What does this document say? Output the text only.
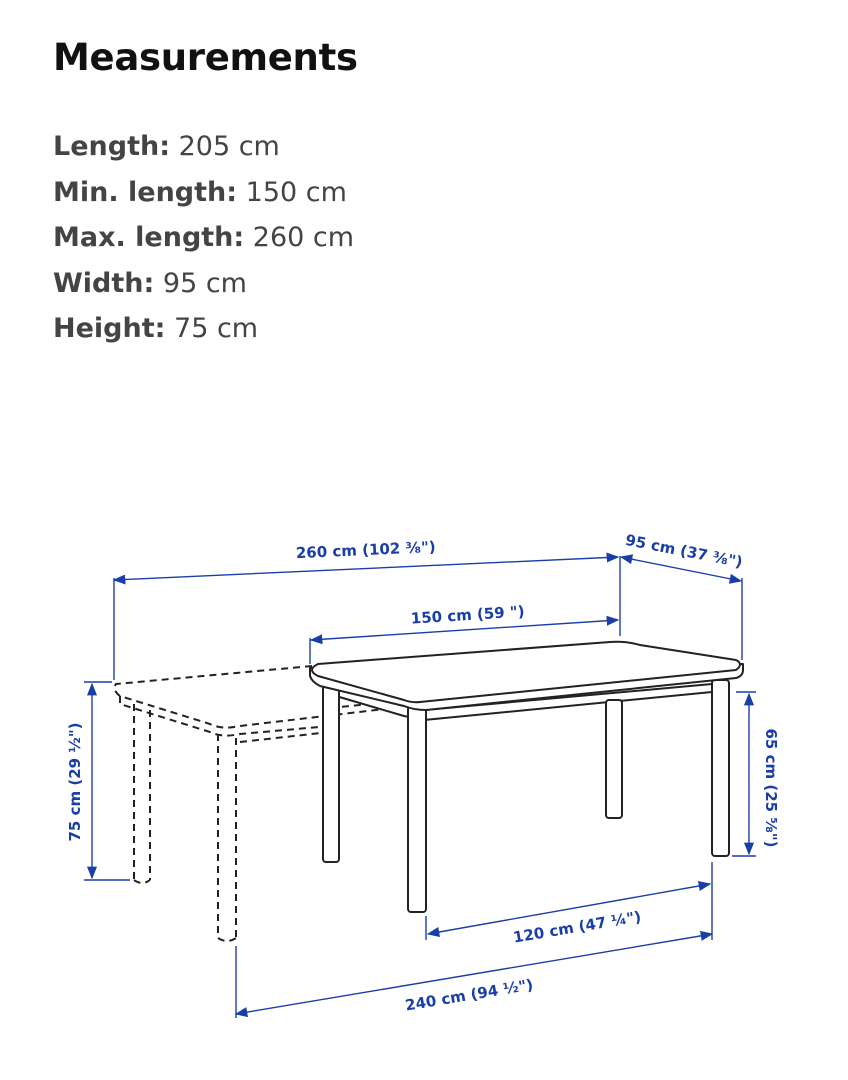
Measurements
Length: 205 cm
Min. length: 150 cm
Max. length: 260 cm
Width: 95 cm
Height: 75 cm
260 cm (102 ⅜")	95 cm (37 ⅜")
150 cm (59 ")
75 cm (29 ½")	65 cm (25 ⅝")
120 cm (47 ¼")
240 cm (94 ½")
